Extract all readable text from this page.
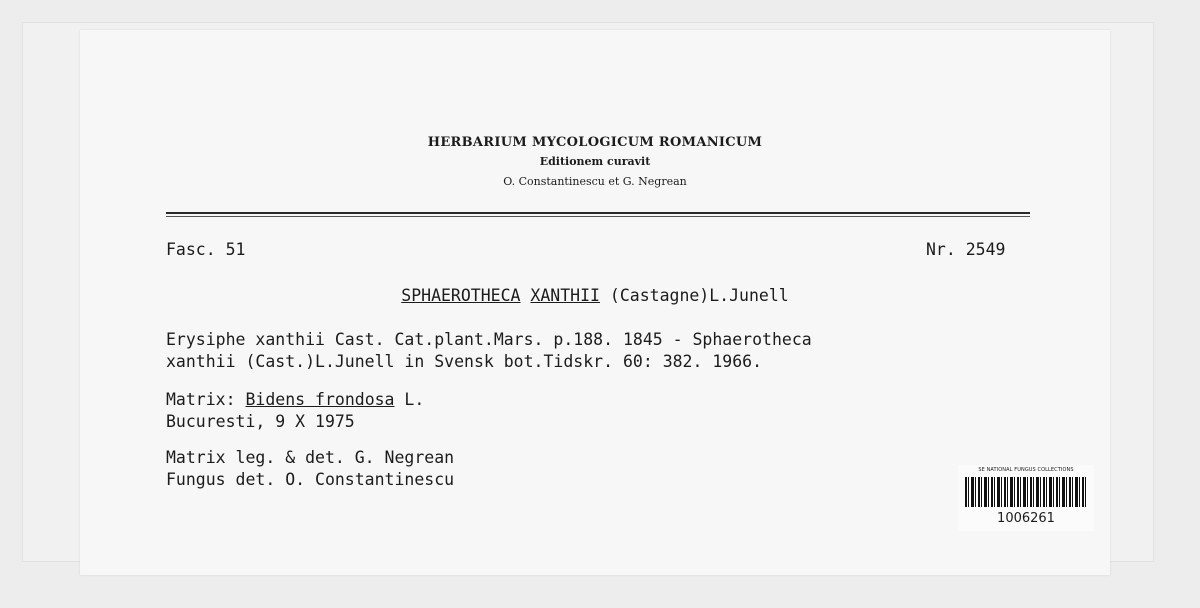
HERBARIUM MYCOLOGICUM ROMANICUM
Editionem curavit
O. Constantinescu et G. Negrean
Fasc. 51	Nr. 2549
SPHAEROTHECA XANTHII (Castagne)L.Junell
Erysiphe xanthii Cast. Cat.plant.Mars. p.188. 1845 - Sphaerotheca
xanthii (Cast.)L.Junell in Svensk bot.Tidskr. 60: 382. 1966.
Matrix: Bidens frondosa L.
Bucuresti, 9 X 1975
Matrix leg. & det. G. Negrean
Fungus det. O. Constantinescu	SE NATIONAL FUNGUS COLLECTIONS
1006261
